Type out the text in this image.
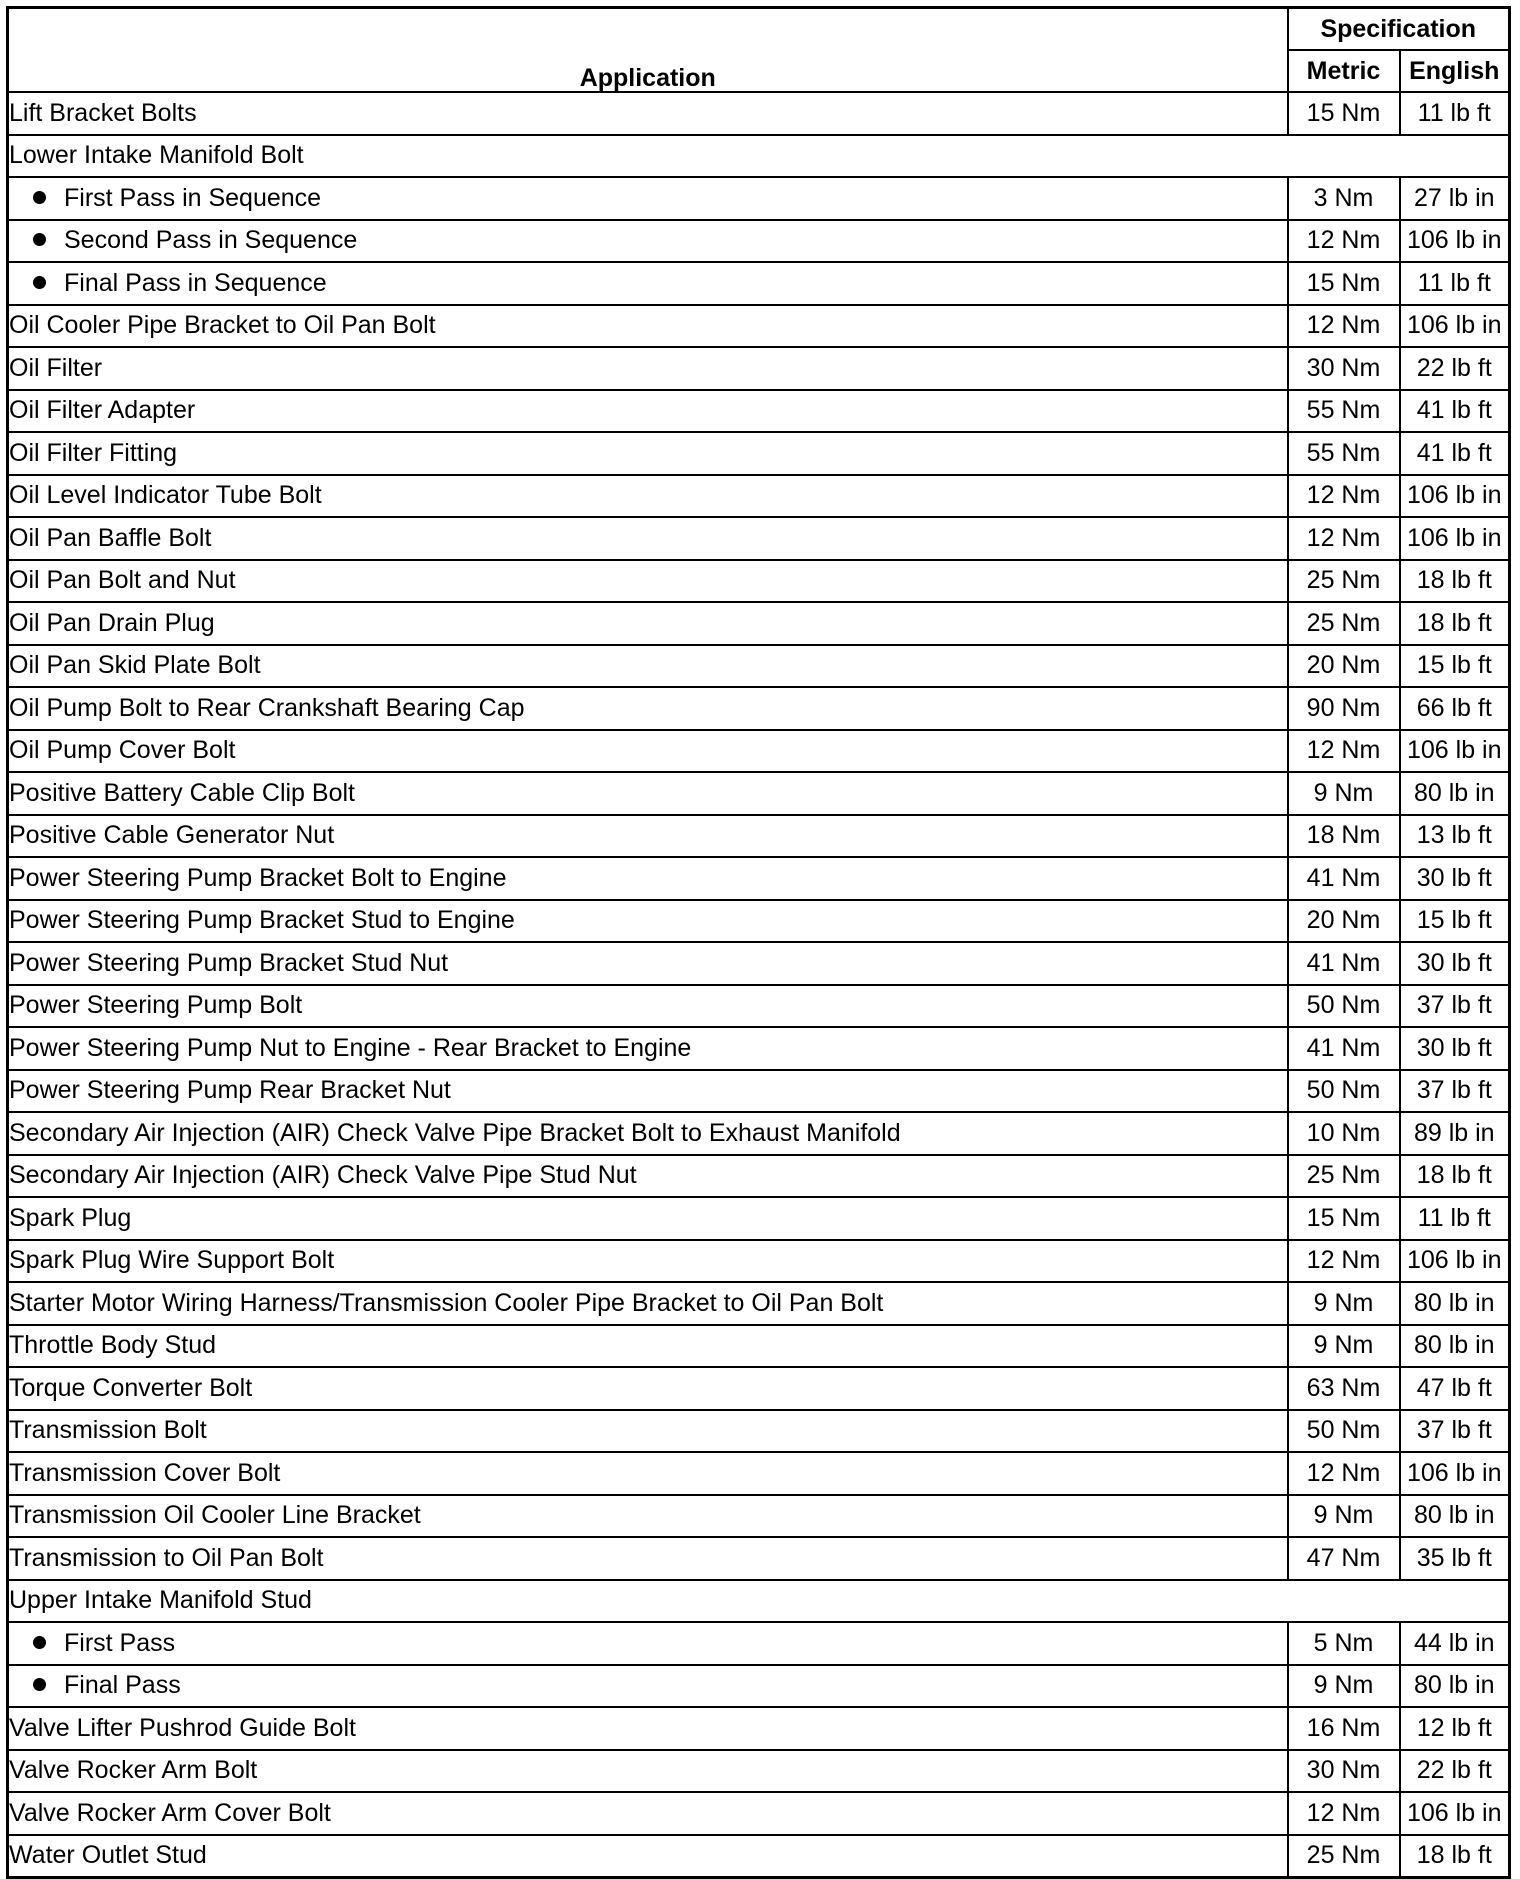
Application	Specification	
	Metric	English
Lift Bracket Bolts	15 Nm	11 lb ft
Lower Intake Manifold Bolt		
First Pass in Sequence	3 Nm	27 lb in
Second Pass in Sequence	12 Nm	106 lb in
Final Pass in Sequence	15 Nm	11 lb ft
Oil Cooler Pipe Bracket to Oil Pan Bolt	12 Nm	106 lb in
Oil Filter	30 Nm	22 lb ft
Oil Filter Adapter	55 Nm	41 lb ft
Oil Filter Fitting	55 Nm	41 lb ft
Oil Level Indicator Tube Bolt	12 Nm	106 lb in
Oil Pan Baffle Bolt	12 Nm	106 lb in
Oil Pan Bolt and Nut	25 Nm	18 lb ft
Oil Pan Drain Plug	25 Nm	18 lb ft
Oil Pan Skid Plate Bolt	20 Nm	15 lb ft
Oil Pump Bolt to Rear Crankshaft Bearing Cap	90 Nm	66 lb ft
Oil Pump Cover Bolt	12 Nm	106 lb in
Positive Battery Cable Clip Bolt	9 Nm	80 lb in
Positive Cable Generator Nut	18 Nm	13 lb ft
Power Steering Pump Bracket Bolt to Engine	41 Nm	30 lb ft
Power Steering Pump Bracket Stud to Engine	20 Nm	15 lb ft
Power Steering Pump Bracket Stud Nut	41 Nm	30 lb ft
Power Steering Pump Bolt	50 Nm	37 lb ft
Power Steering Pump Nut to Engine - Rear Bracket to Engine	41 Nm	30 lb ft
Power Steering Pump Rear Bracket Nut	50 Nm	37 lb ft
Secondary Air Injection (AIR) Check Valve Pipe Bracket Bolt to Exhaust Manifold	10 Nm	89 lb in
Secondary Air Injection (AIR) Check Valve Pipe Stud Nut	25 Nm	18 lb ft
Spark Plug	15 Nm	11 lb ft
Spark Plug Wire Support Bolt	12 Nm	106 lb in
Starter Motor Wiring Harness/Transmission Cooler Pipe Bracket to Oil Pan Bolt	9 Nm	80 lb in
Throttle Body Stud	9 Nm	80 lb in
Torque Converter Bolt	63 Nm	47 lb ft
Transmission Bolt	50 Nm	37 lb ft
Transmission Cover Bolt	12 Nm	106 lb in
Transmission Oil Cooler Line Bracket	9 Nm	80 lb in
Transmission to Oil Pan Bolt	47 Nm	35 lb ft
Upper Intake Manifold Stud		
First Pass	5 Nm	44 lb in
Final Pass	9 Nm	80 lb in
Valve Lifter Pushrod Guide Bolt	16 Nm	12 lb ft
Valve Rocker Arm Bolt	30 Nm	22 lb ft
Valve Rocker Arm Cover Bolt	12 Nm	106 lb in
Water Outlet Stud	25 Nm	18 lb ft
